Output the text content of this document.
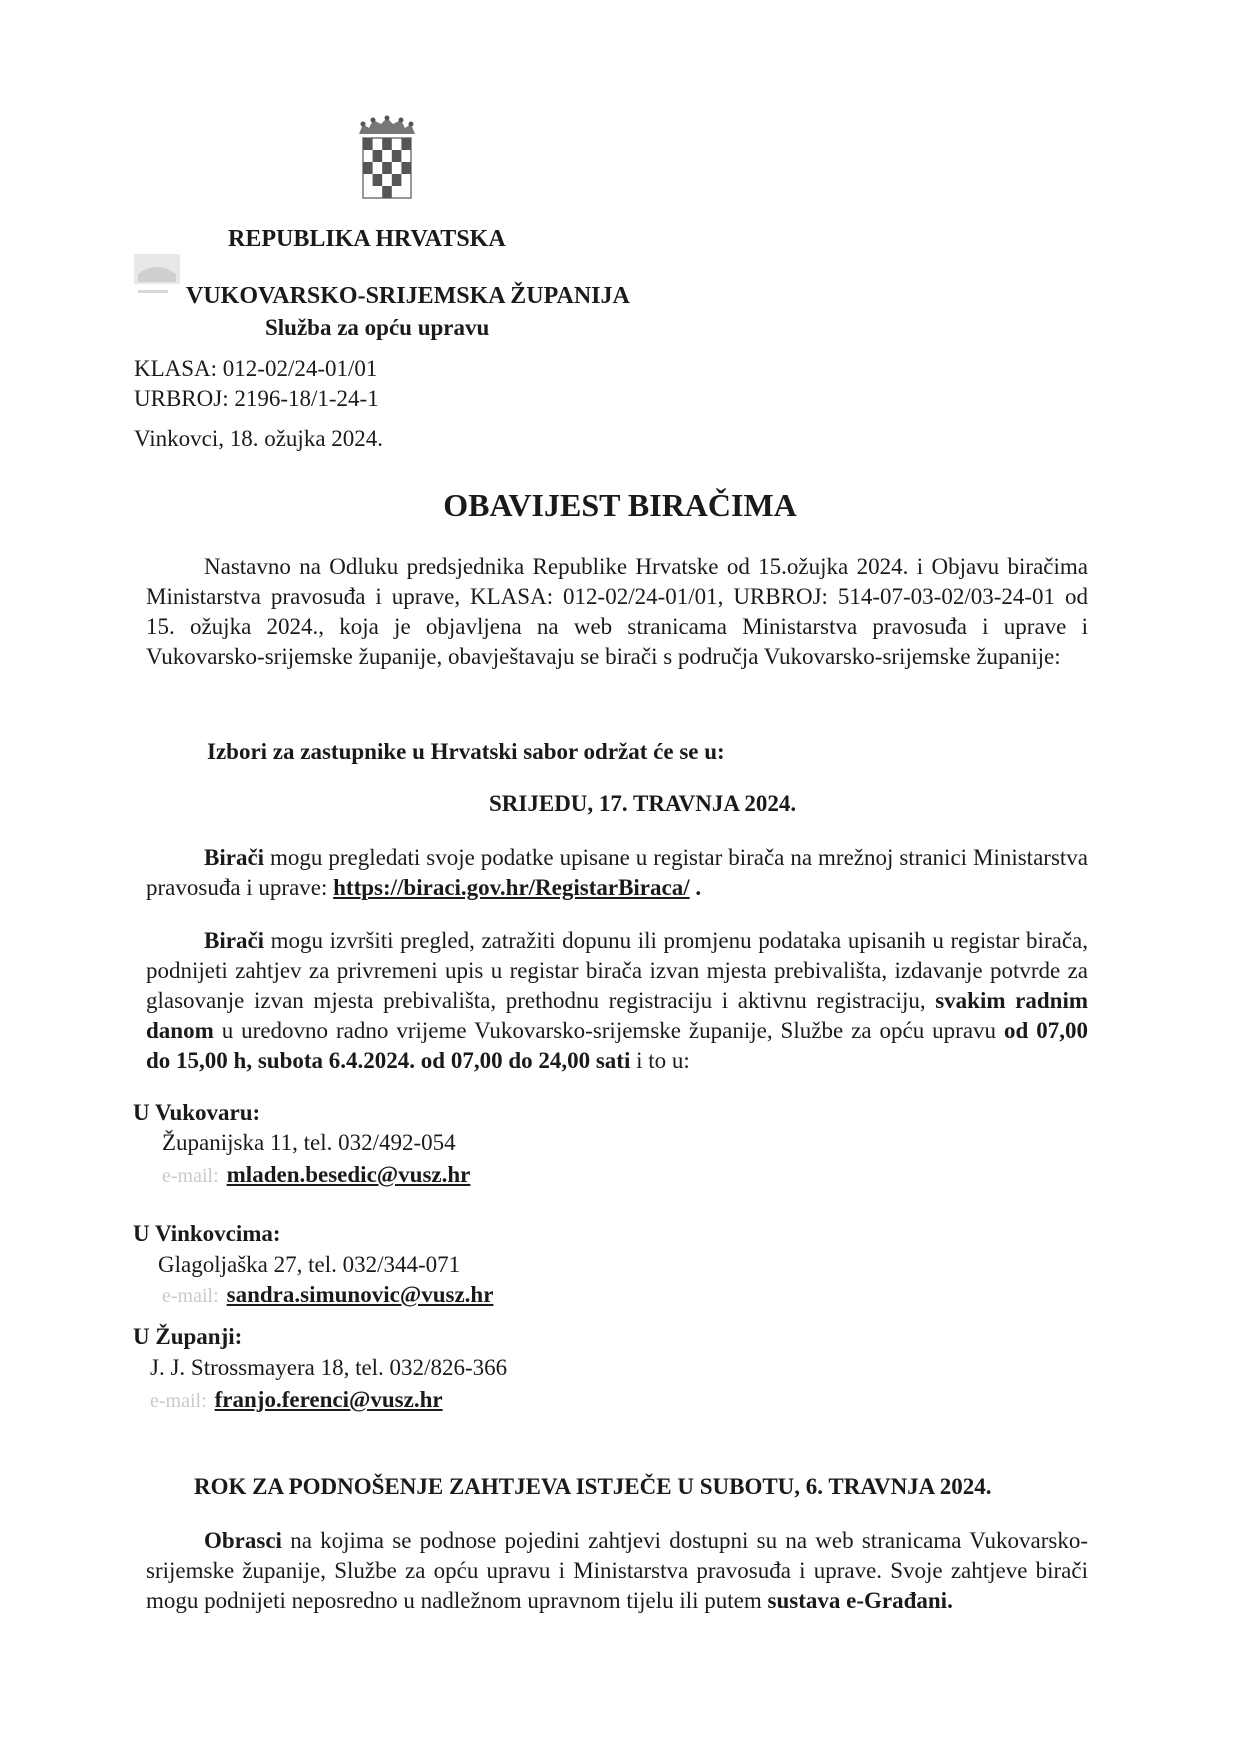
REPUBLIKA HRVATSKA
VUKOVARSKO-SRIJEMSKA ŽUPANIJA
Služba za opću upravu
KLASA: 012-02/24-01/01
URBROJ: 2196-18/1-24-1
Vinkovci, 18. ožujka 2024.
OBAVIJEST BIRAČIMA
Nastavno na Odluku predsjednika Republike Hrvatske od 15.ožujka 2024. i Objavu biračima Ministarstva pravosuđa i uprave, KLASA: 012-02/24-01/01, URBROJ: 514-07-03-02/03-24-01 od 15. ožujka 2024., koja je objavljena na web stranicama Ministarstva pravosuđa i uprave i Vukovarsko-srijemske županije, obavještavaju se birači s područja Vukovarsko-srijemske županije:
Izbori za zastupnike u Hrvatski sabor održat će se u:
SRIJEDU, 17. TRAVNJA 2024.
Birači mogu pregledati svoje podatke upisane u registar birača na mrežnoj stranici Ministarstva pravosuđa i uprave: https://biraci.gov.hr/RegistarBiraca/ .
Birači mogu izvršiti pregled, zatražiti dopunu ili promjenu podataka upisanih u registar birača, podnijeti zahtjev za privremeni upis u registar birača izvan mjesta prebivališta, izdavanje potvrde za glasovanje izvan mjesta prebivališta, prethodnu registraciju i aktivnu registraciju, svakim radnim danom u uredovno radno vrijeme Vukovarsko-srijemske županije, Službe za opću upravu od 07,00 do 15,00 h, subota 6.4.2024. od 07,00 do 24,00 sati i to u:
U Vukovaru:
Županijska 11, tel. 032/492-054
e-mail: mladen.besedic@vusz.hr
U Vinkovcima:
Glagoljaška 27, tel. 032/344-071
e-mail: sandra.simunovic@vusz.hr
U Županji:
J. J. Strossmayera 18, tel. 032/826-366
e-mail: franjo.ferenci@vusz.hr
ROK ZA PODNOŠENJE ZAHTJEVA ISTJEČE U SUBOTU, 6. TRAVNJA 2024.
Obrasci na kojima se podnose pojedini zahtjevi dostupni su na web stranicama Vukovarsko-srijemske županije, Službe za opću upravu i Ministarstva pravosuđa i uprave. Svoje zahtjeve birači mogu podnijeti neposredno u nadležnom upravnom tijelu ili putem sustava e-Građani.
